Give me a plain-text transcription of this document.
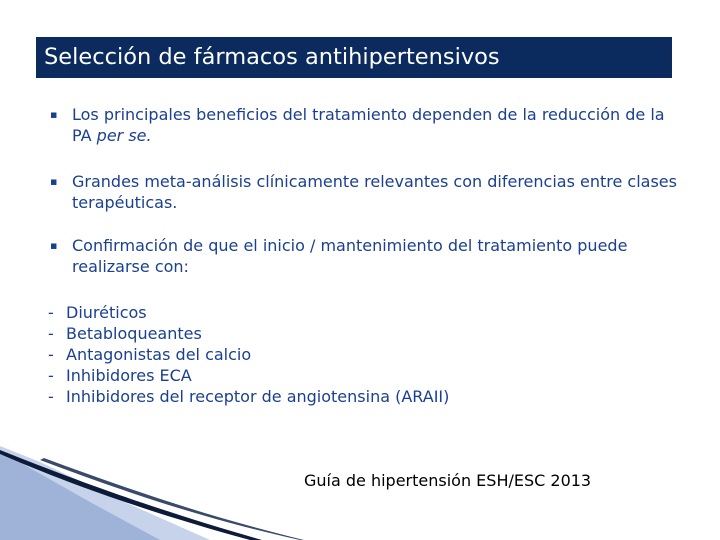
Selección de fármacos antihipertensivos
▪ Los principales beneficios del tratamiento dependen de la reducción de la PA per se.
▪ Grandes meta-análisis clínicamente relevantes con diferencias entre clases terapéuticas.
▪ Confirmación de que el inicio / mantenimiento del tratamiento puede realizarse con:
- Diuréticos
- Betabloqueantes
- Antagonistas del calcio
- Inhibidores ECA
- Inhibidores del receptor de angiotensina (ARAII)
Guía de hipertensión ESH/ESC 2013
